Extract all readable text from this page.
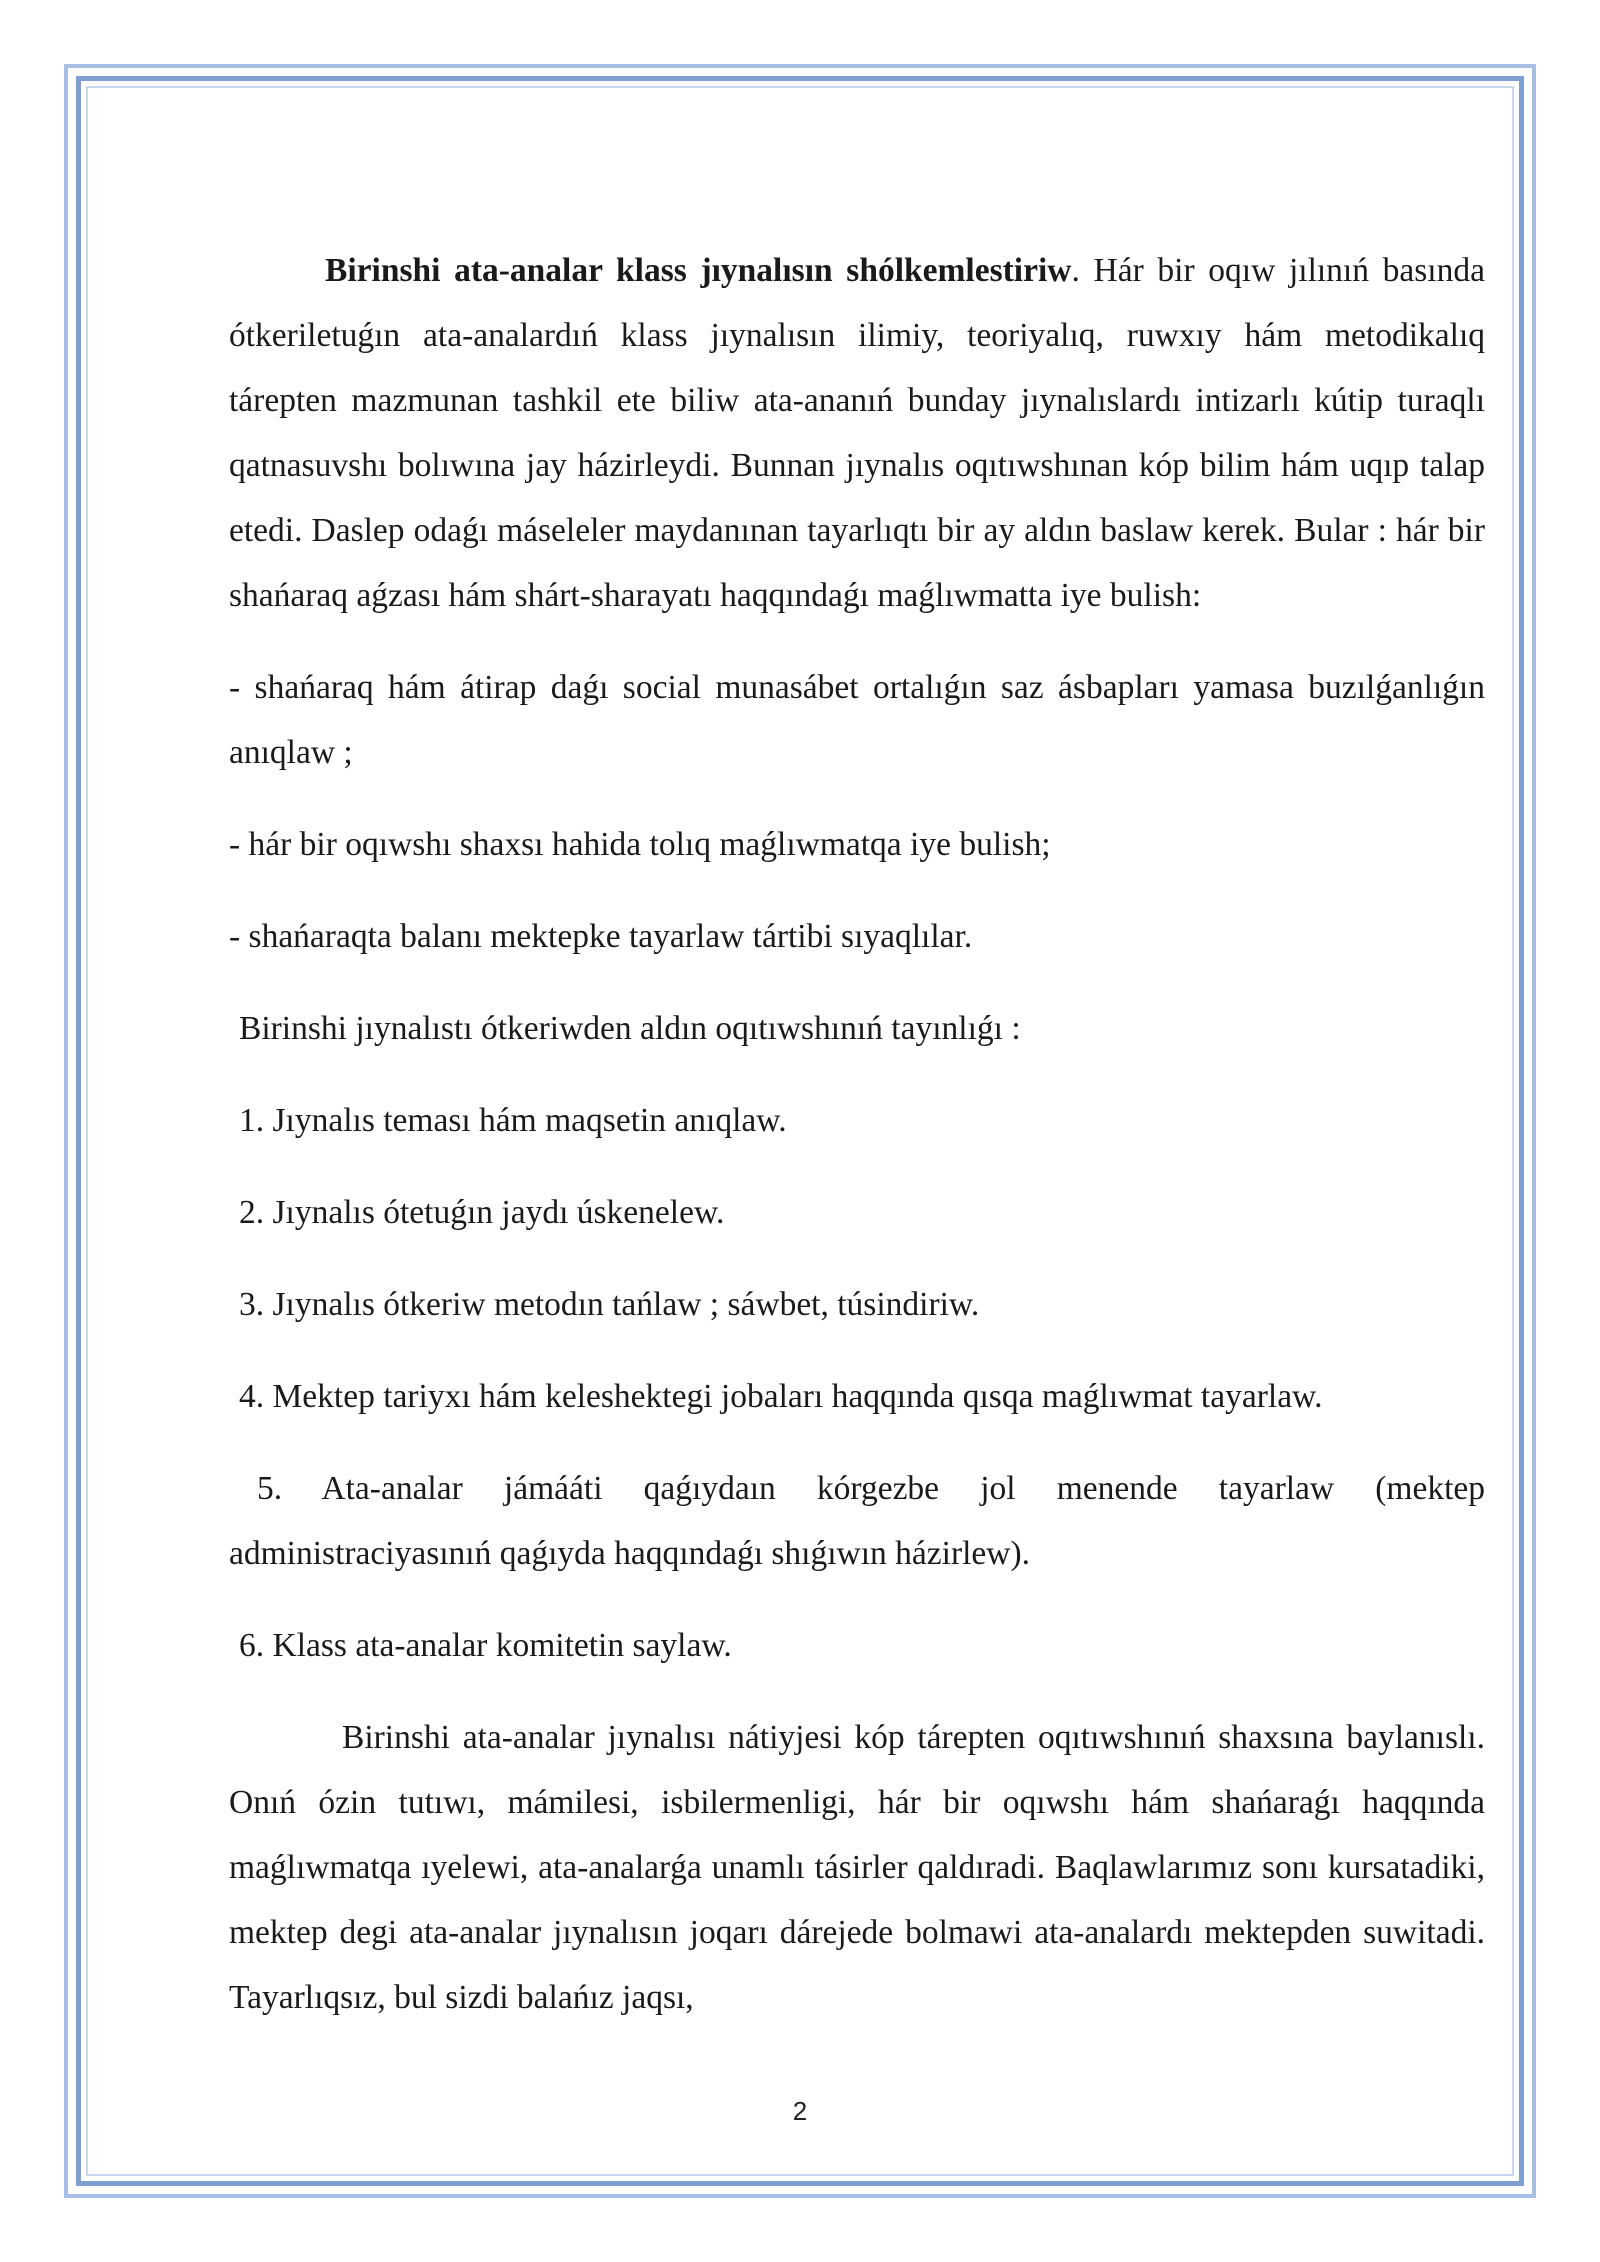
Birinshi ata-analar klass jıynalısın shólkemlestiriw. Hár bir oqıw jılınıń basında ótkeriletuǵın ata-analardıń klass jıynalısın ilimiy, teoriyalıq, ruwxıy hám metodikalıq tárepten mazmunan tashkil ete biliw ata-ananıń bunday jıynalıslardı intizarlı kútip turaqlı qatnasuvshı bolıwına jay házirleydi. Bunnan jıynalıs oqıtıwshınan kóp bilim hám uqıp talap etedi. Daslep odaǵı máseleler maydanınan tayarlıqtı bir ay aldın baslaw kerek. Bular : hár bir shańaraq aǵzası hám shárt-sharayatı haqqındaǵı maǵlıwmatta iye bulish:

- shańaraq hám átirap daǵı social munasábet ortalıǵın saz ásbapları yamasa buzılǵanlıǵın anıqlaw ;

- hár bir oqıwshı shaxsı hahida tolıq maǵlıwmatqa iye bulish;

- shańaraqta balanı mektepke tayarlaw tártibi sıyaqlılar.

Birinshi jıynalıstı ótkeriwden aldın oqıtıwshınıń tayınlıǵı :

1. Jıynalıs teması hám maqsetin anıqlaw.

2. Jıynalıs ótetuǵın jaydı úskenelew.

3. Jıynalıs ótkeriw metodın tańlaw ; sáwbet, túsindiriw.

4. Mektep tariyxı hám keleshektegi jobaları haqqında qısqa maǵlıwmat tayarlaw.

5. Ata-analar jámááti qaǵıydaın kórgezbe jol menende tayarlaw (mektep administraciyasınıń qaǵıyda haqqındaǵı shıǵıwın házirlew).

6. Klass ata-analar komitetin saylaw.

Birinshi ata-analar jıynalısı nátiyjesi kóp tárepten oqıtıwshınıń shaxsına baylanıslı. Onıń ózin tutıwı, mámilesi, isbilermenligi, hár bir oqıwshı hám shańaraǵı haqqında maǵlıwmatqa ıyelewi, ata-analarǵa unamlı tásirler qaldıradi. Baqlawlarımız sonı kursatadiki, mektep degi ata-analar jıynalısın joqarı dárejede bolmawi ata-analardı mektepden suwitadi. Tayarlıqsız, bul sizdi balańız jaqsı,

2
